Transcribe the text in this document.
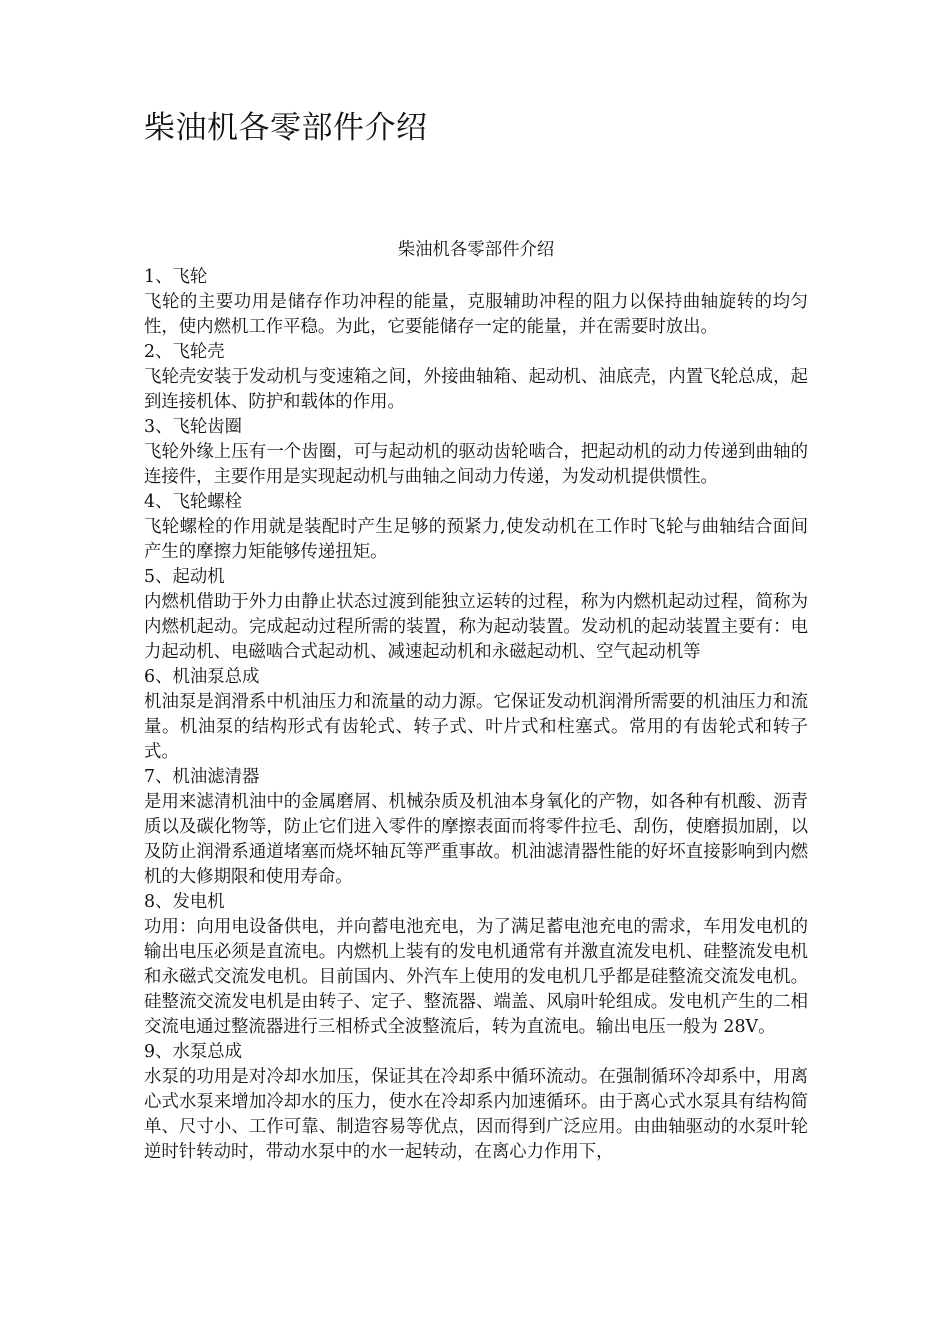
柴油机各零部件介绍

柴油机各零部件介绍

1、飞轮

飞轮的主要功用是储存作功冲程的能量，克服辅助冲程的阻力以保持曲轴旋转的均匀性，使内燃机工作平稳。为此，它要能储存一定的能量，并在需要时放出。

2、飞轮壳

飞轮壳安装于发动机与变速箱之间，外接曲轴箱、起动机、油底壳，内置飞轮总成，起到连接机体、防护和载体的作用。

3、飞轮齿圈

飞轮外缘上压有一个齿圈，可与起动机的驱动齿轮啮合，把起动机的动力传递到曲轴的连接件，主要作用是实现起动机与曲轴之间动力传递，为发动机提供惯性。

4、飞轮螺栓

飞轮螺栓的作用就是装配时产生足够的预紧力,使发动机在工作时飞轮与曲轴结合面间产生的摩擦力矩能够传递扭矩。

5、起动机

内燃机借助于外力由静止状态过渡到能独立运转的过程，称为内燃机起动过程，简称为内燃机起动。完成起动过程所需的装置，称为起动装置。发动机的起动装置主要有：电力起动机、电磁啮合式起动机、减速起动机和永磁起动机、空气起动机等

6、机油泵总成

机油泵是润滑系中机油压力和流量的动力源。它保证发动机润滑所需要的机油压力和流量。机油泵的结构形式有齿轮式、转子式、叶片式和柱塞式。常用的有齿轮式和转子式。

7、机油滤清器

是用来滤清机油中的金属磨屑、机械杂质及机油本身氧化的产物，如各种有机酸、沥青质以及碳化物等，防止它们进入零件的摩擦表面而将零件拉毛、刮伤，使磨损加剧，以及防止润滑系通道堵塞而烧坏轴瓦等严重事故。机油滤清器性能的好坏直接影响到内燃机的大修期限和使用寿命。

8、发电机

功用：向用电设备供电，并向蓄电池充电，为了满足蓄电池充电的需求，车用发电机的输出电压必须是直流电。内燃机上装有的发电机通常有并激直流发电机、硅整流发电机和永磁式交流发电机。目前国内、外汽车上使用的发电机几乎都是硅整流交流发电机。硅整流交流发电机是由转子、定子、整流器、端盖、风扇叶轮组成。发电机产生的二相交流电通过整流器进行三相桥式全波整流后，转为直流电。输出电压一般为 28V。

9、水泵总成

水泵的功用是对冷却水加压，保证其在冷却系中循环流动。在强制循环冷却系中，用离心式水泵来增加冷却水的压力，使水在冷却系内加速循环。由于离心式水泵具有结构简单、尺寸小、工作可靠、制造容易等优点，因而得到广泛应用。由曲轴驱动的水泵叶轮逆时针转动时，带动水泵中的水一起转动，在离心力作用下，
